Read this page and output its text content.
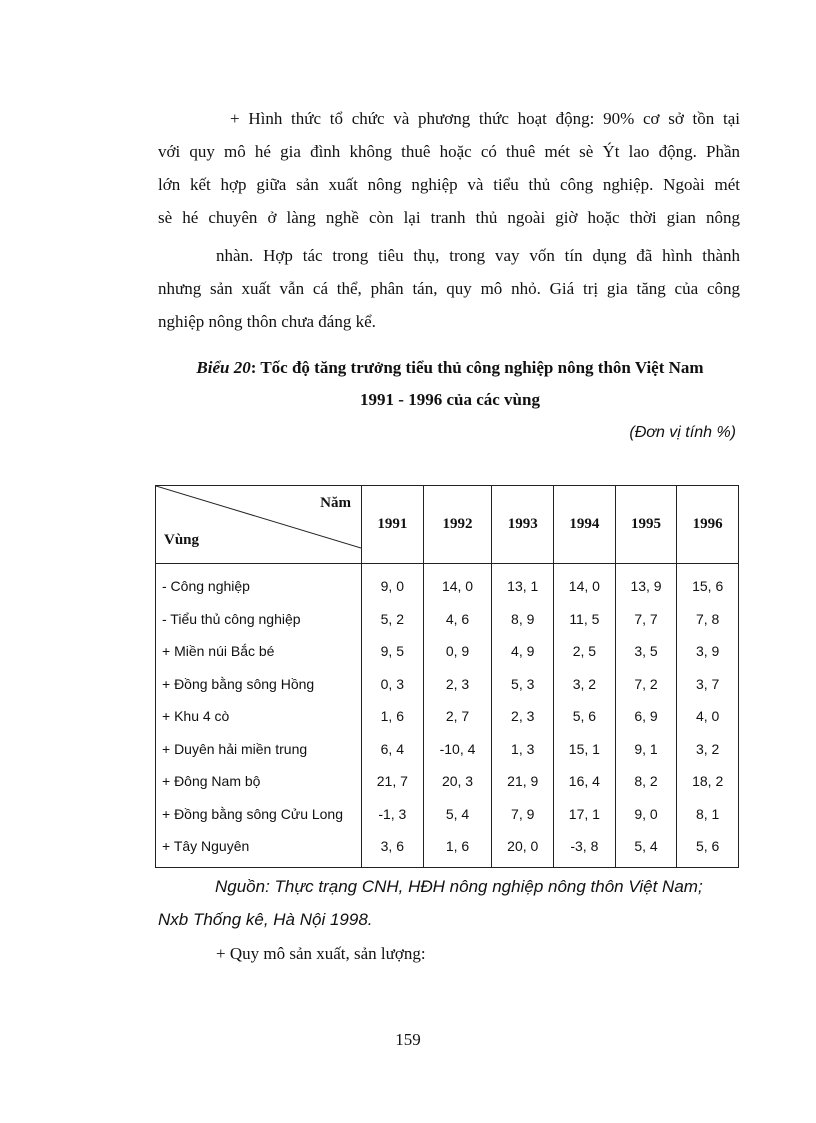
+ Hình thức tổ chức và phương thức hoạt động: 90% cơ sở tồn tại
với quy mô hé gia đình không thuê hoặc có thuê mét sè Ýt lao động. Phần
lớn kết hợp giữa sản xuất nông nghiệp và tiểu thủ công nghiệp. Ngoài mét
sè hé chuyên ở làng nghề còn lại tranh thủ ngoài giờ hoặc thời gian nông

nhàn. Hợp tác trong tiêu thụ, trong vay vốn tín dụng đã hình thành
nhưng sản xuất vẫn cá thể, phân tán, quy mô nhỏ. Giá trị gia tăng của công
nghiệp nông thôn chưa đáng kể.

Biểu 20: Tốc độ tăng trưởng tiểu thủ công nghiệp nông thôn Việt Nam
1991 - 1996 của các vùng
(Đơn vị tính %)
Năm
Vùng	1991	1992	1993	1994	1995	1996
- Công nghiệp	9, 0	14, 0	13, 1	14, 0	13, 9	15, 6
- Tiểu thủ công nghiệp	5, 2	4, 6	8, 9	11, 5	7, 7	7, 8
+ Miền núi Bắc bé	9, 5	0, 9	4, 9	2, 5	3, 5	3, 9
+ Đồng bằng sông Hồng	0, 3	2, 3	5, 3	3, 2	7, 2	3, 7
+ Khu 4 cò	1, 6	2, 7	2, 3	5, 6	6, 9	4, 0
+ Duyên hải miền trung	6, 4	-10, 4	1, 3	15, 1	9, 1	3, 2
+ Đông Nam bộ	21, 7	20, 3	21, 9	16, 4	8, 2	18, 2
+ Đồng bằng sông Cửu Long	-1, 3	5, 4	7, 9	17, 1	9, 0	8, 1
+ Tây Nguyên	3, 6	1, 6	20, 0	-3, 8	5, 4	5, 6
Nguồn: Thực trạng CNH, HĐH nông nghiệp nông thôn Việt Nam;
Nxb Thống kê, Hà Nội 1998.
+ Quy mô sản xuất, sản lượng:
159
